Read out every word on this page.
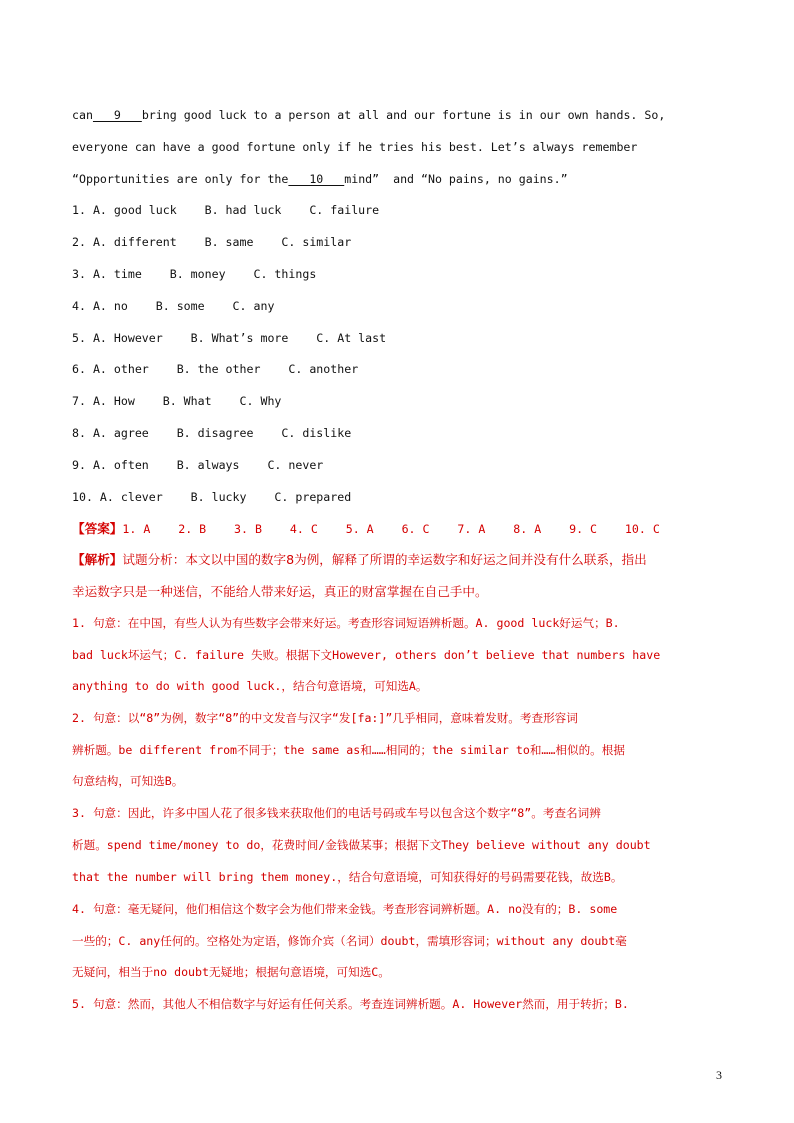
can   9   bring good luck to a person at all and our fortune is in our own hands. So,
everyone can have a good fortune only if he tries his best. Let’s always remember
“Opportunities are only for the   10   mind”  and “No pains, no gains.”
1. A. good luck    B. had luck    C. failure
2. A. different    B. same    C. similar
3. A. time    B. money    C. things
4. A. no    B. some    C. any
5. A. However    B. What’s more    C. At last
6. A. other    B. the other    C. another
7. A. How    B. What    C. Why
8. A. agree    B. disagree    C. dislike
9. A. often    B. always    C. never
10. A. clever    B. lucky    C. prepared
【答案】1. A    2. B    3. B    4. C    5. A    6. C    7. A    8. A    9. C    10. C
【解析】试题分析：本文以中国的数字8为例，解释了所谓的幸运数字和好运之间并没有什么联系，指出
幸运数字只是一种迷信，不能给人带来好运，真正的财富掌握在自己手中。
1. 句意：在中国，有些人认为有些数字会带来好运。考查形容词短语辨析题。A. good luck好运气；B.
bad luck坏运气；C. failure 失败。根据下文However, others don’t believe that numbers have
anything to do with good luck.，结合句意语境，可知选A。
2. 句意：以“8”为例，数字“8”的中文发音与汉字“发[fa:]”几乎相同，意味着发财。考查形容词
辨析题。be different from不同于；the same as和……相同的；the similar to和……相似的。根据
句意结构，可知选B。
3. 句意：因此，许多中国人花了很多钱来获取他们的电话号码或车号以包含这个数字“8”。考查名词辨
析题。spend time/money to do，花费时间/金钱做某事；根据下文They believe without any doubt
that the number will bring them money.，结合句意语境，可知获得好的号码需要花钱，故选B。
4. 句意：毫无疑问，他们相信这个数字会为他们带来金钱。考查形容词辨析题。A. no没有的；B. some
一些的；C. any任何的。空格处为定语，修饰介宾（名词）doubt，需填形容词；without any doubt毫
无疑问，相当于no doubt无疑地；根据句意语境，可知选C。
5. 句意：然而，其他人不相信数字与好运有任何关系。考查连词辨析题。A. However然而，用于转折；B.
3
